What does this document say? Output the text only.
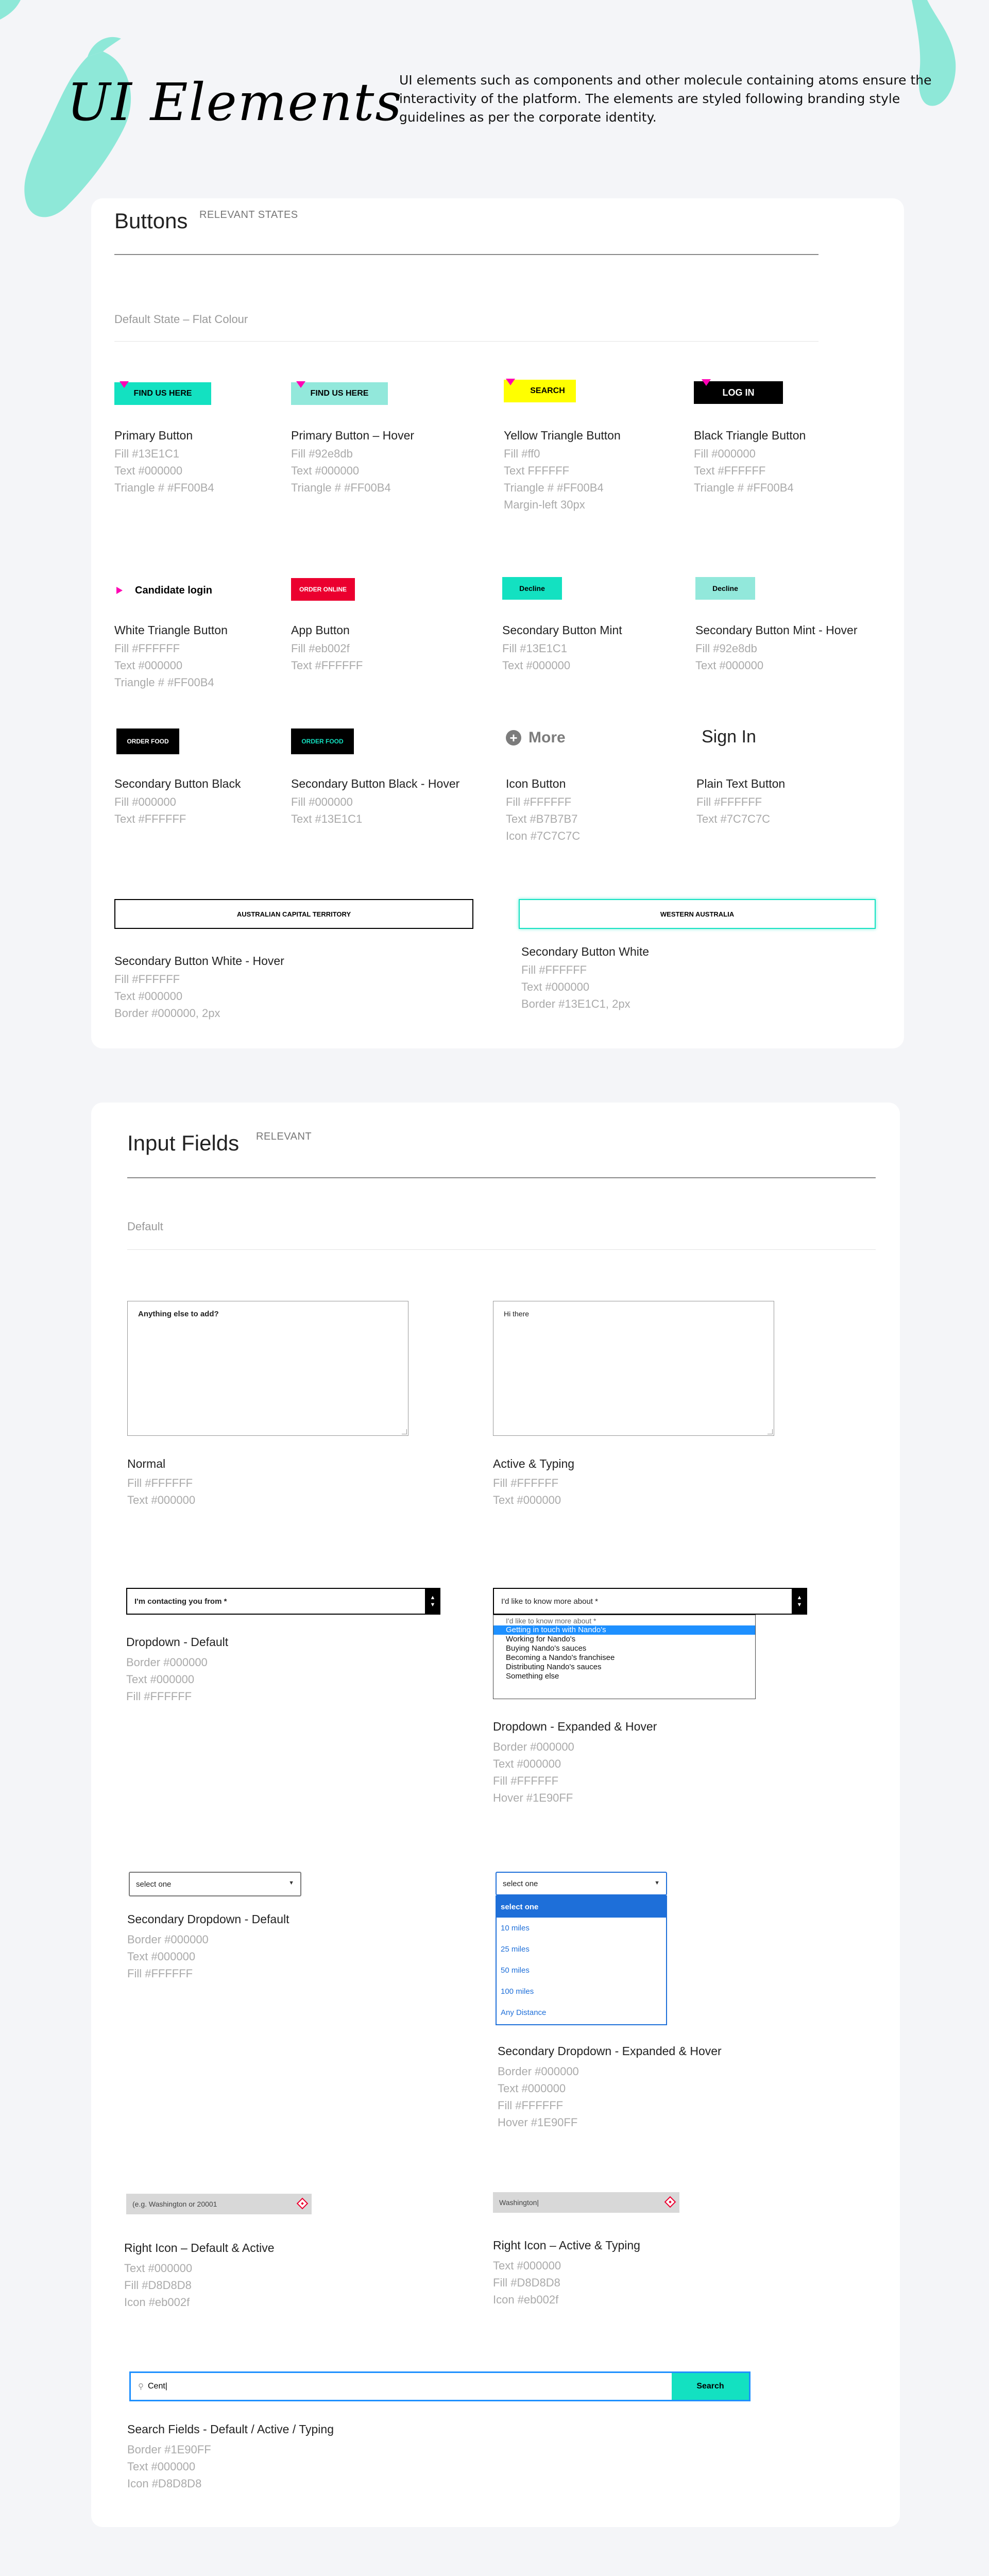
UI Elements
UI elements such as components and other molecule containing atoms ensure the interactivity of the platform. The elements are styled following branding style guidelines as per the corporate identity.
Buttons RELEVANT STATES
Default State – Flat Colour
FIND US HERE
Primary Button
Fill #13E1C1
Text #000000
Triangle # #FF00B4
FIND US HERE
Primary Button – Hover
Fill #92e8db
Text #000000
Triangle # #FF00B4
SEARCH
Yellow Triangle Button
Fill #ff0
Text FFFFFF
Triangle # #FF00B4
Margin-left 30px
LOG IN
Black Triangle Button
Fill #000000
Text #FFFFFF
Triangle # #FF00B4
Candidate login
White Triangle Button
Fill #FFFFFF
Text #000000
Triangle # #FF00B4
ORDER ONLINE
App Button
Fill #eb002f
Text #FFFFFF
Decline
Secondary Button Mint
Fill #13E1C1
Text #000000
Decline
Secondary Button Mint - Hover
Fill #92e8db
Text #000000
ORDER FOOD
Secondary Button Black
Fill #000000
Text #FFFFFF
ORDER FOOD
Secondary Button Black - Hover
Fill #000000
Text #13E1C1
+ More
Icon Button
Fill #FFFFFF
Text #B7B7B7
Icon #7C7C7C
Sign In
Plain Text Button
Fill #FFFFFF
Text #7C7C7C
AUSTRALIAN CAPITAL TERRITORY
Secondary Button White - Hover
Fill #FFFFFF
Text #000000
Border #000000, 2px
WESTERN AUSTRALIA
Secondary Button White
Fill #FFFFFF
Text #000000
Border #13E1C1, 2px
Input Fields RELEVANT
Default
Anything else to add?
Normal
Fill #FFFFFF
Text #000000
Hi there
Active & Typing
Fill #FFFFFF
Text #000000
I'm contacting you from *	▲
▼
Dropdown - Default
Border #000000
Text #000000
Fill #FFFFFF
I'd like to know more about *	▲
▼
I'd like to know more about *
Getting in touch with Nando's
Working for Nando's
Buying Nando's sauces
Becoming a Nando's franchisee
Distributing Nando's sauces
Something else
Dropdown - Expanded & Hover
Border #000000
Text #000000
Fill #FFFFFF
Hover #1E90FF
select one	▼
Secondary Dropdown - Default
Border #000000
Text #000000
Fill #FFFFFF
select one	▼
select one
10 miles
25 miles
50 miles
100 miles
Any Distance
Secondary Dropdown - Expanded & Hover
Border #000000
Text #000000
Fill #FFFFFF
Hover #1E90FF
(e.g. Washington or 20001
Right Icon – Default & Active
Text #000000
Fill #D8D8D8
Icon #eb002f
Washington|
Right Icon – Active & Typing
Text #000000
Fill #D8D8D8
Icon #eb002f
⚲ Cent|	Search
Search Fields - Default / Active / Typing
Border #1E90FF
Text #000000
Icon #D8D8D8
